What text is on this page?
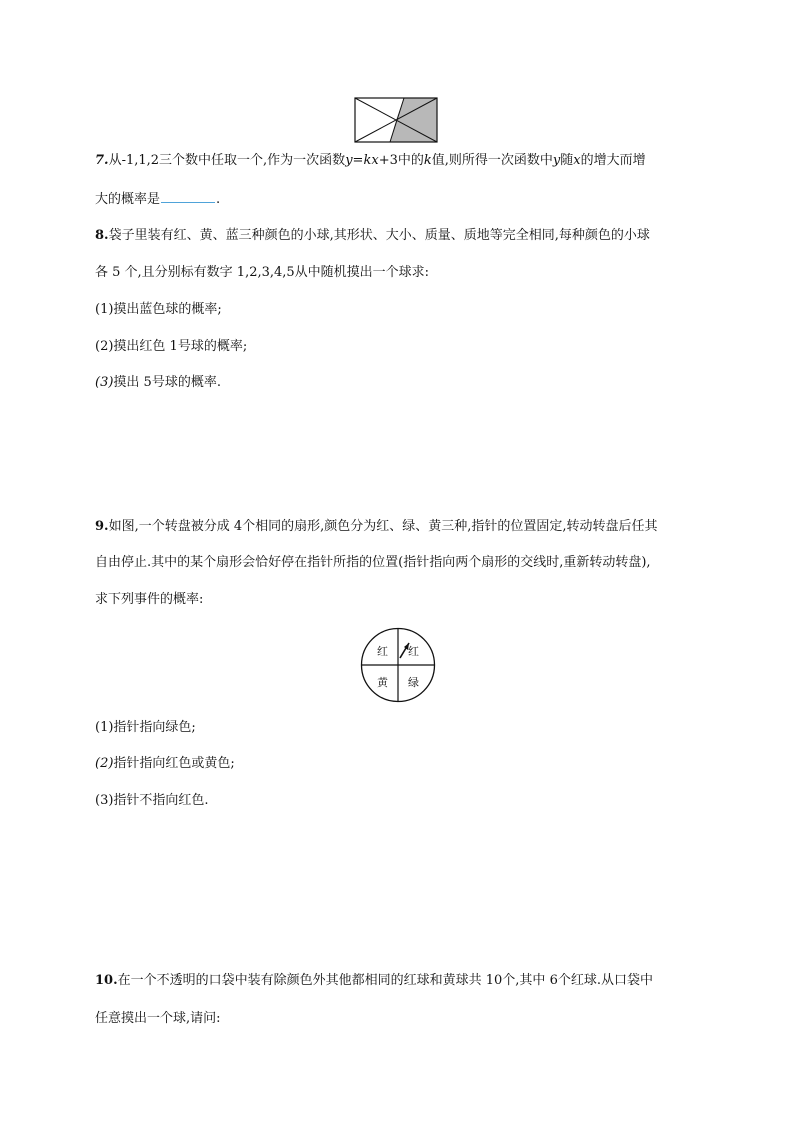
7.从-1,1,2三个数中任取一个,作为一次函数y=kx+3中的k值,则所得一次函数中y随x的增大而增
大的概率是	.
8.袋子里装有红、黄、蓝三种颜色的小球,其形状、大小、质量、质地等完全相同,每种颜色的小球
各 5 个,且分别标有数字 1,2,3,4,5从中随机摸出一个球求:
(1)摸出蓝色球的概率;
(2)摸出红色 1号球的概率;
(3)摸出 5号球的概率.
9.如图,一个转盘被分成 4个相同的扇形,颜色分为红、绿、黄三种,指针的位置固定,转动转盘后任其
自由停止.其中的某个扇形会恰好停在指针所指的位置(指针指向两个扇形的交线时,重新转动转盘),
求下列事件的概率:
红 红
黄 绿
(1)指针指向绿色;
(2)指针指向红色或黄色;
(3)指针不指向红色.
10.在一个不透明的口袋中装有除颜色外其他都相同的红球和黄球共 10个,其中 6个红球.从口袋中
任意摸出一个球,请问:
